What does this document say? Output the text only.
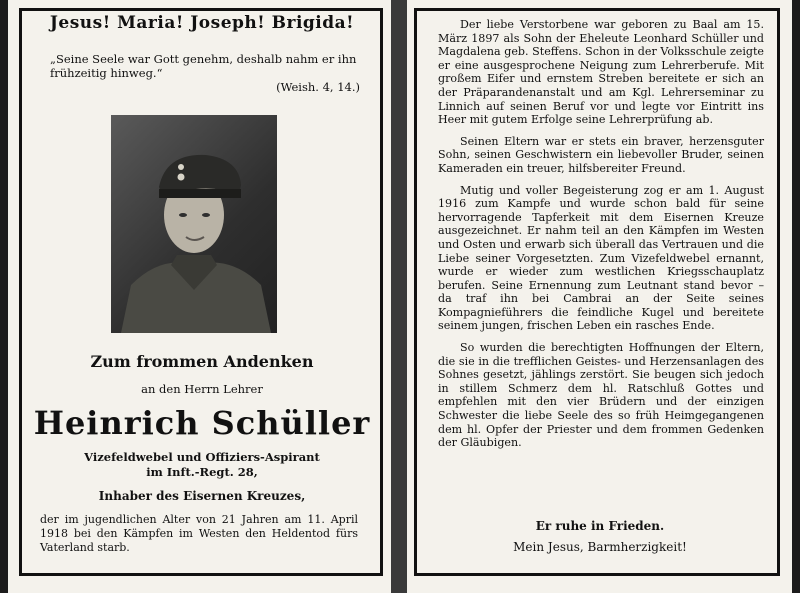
Jesus! Maria! Joseph! Brigida!
„Seine Seele war Gott genehm, deshalb nahm er ihn frühzeitig hinweg.“
(Weish. 4, 14.)
Zum frommen Andenken
an den Herrn Lehrer
Heinrich Schüller
Vizefeldwebel und Offiziers-Aspirant
im Inft.-Regt. 28,
Inhaber des Eisernen Kreuzes,
der im jugendlichen Alter von 21 Jahren am 11. April 1918 bei den Kämpfen im Westen den Heldentod fürs Vaterland starb.

Der liebe Verstorbene war geboren zu Baal am 15. März 1897 als Sohn der Eheleute Leonhard Schüller und Magdalena geb. Steffens. Schon in der Volksschule zeigte er eine ausgesprochene Neigung zum Lehrerberufe. Mit großem Eifer und ernstem Streben bereitete er sich an der Präparandenanstalt und am Kgl. Lehrerseminar zu Linnich auf seinen Beruf vor und legte vor Eintritt ins Heer mit gutem Erfolge seine Lehrerprüfung ab.

Seinen Eltern war er stets ein braver, herzensguter Sohn, seinen Geschwistern ein liebevoller Bruder, seinen Kameraden ein treuer, hilfsbereiter Freund.

Mutig und voller Begeisterung zog er am 1. August 1916 zum Kampfe und wurde schon bald für seine hervorragende Tapferkeit mit dem Eisernen Kreuze ausgezeichnet. Er nahm teil an den Kämpfen im Westen und Osten und erwarb sich überall das Vertrauen und die Liebe seiner Vorgesetzten. Zum Vizefeldwebel ernannt, wurde er wieder zum westlichen Kriegsschauplatz berufen. Seine Ernennung zum Leutnant stand bevor – da traf ihn bei Cambrai an der Seite seines Kompagnieführers die feindliche Kugel und bereitete seinem jungen, frischen Leben ein rasches Ende.

So wurden die berechtigten Hoffnungen der Eltern, die sie in die trefflichen Geistes- und Herzensanlagen des Sohnes gesetzt, jählings zerstört. Sie beugen sich jedoch in stillem Schmerz dem hl. Ratschluß Gottes und empfehlen mit den vier Brüdern und der einzigen Schwester die liebe Seele des so früh Heimgegangenen dem hl. Opfer der Priester und dem frommen Gedenken der Gläubigen.

Er ruhe in Frieden.
Mein Jesus, Barmherzigkeit!
